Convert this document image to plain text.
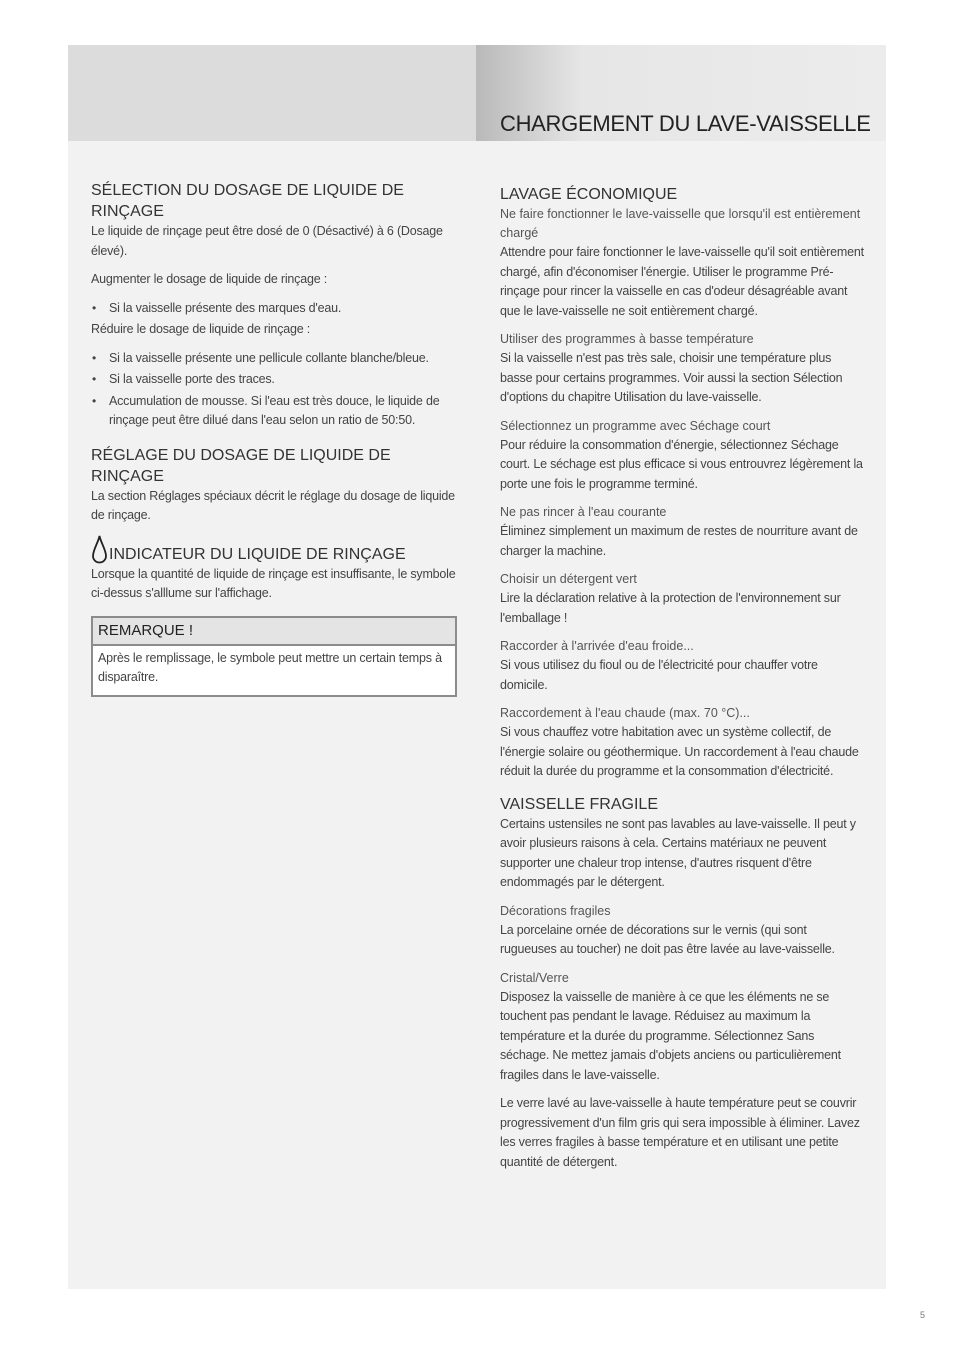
CHARGEMENT DU LAVE-VAISSELLE
SÉLECTION DU DOSAGE DE LIQUIDE DE RINÇAGE

Le liquide de rinçage peut être dosé de 0 (Désactivé) à 6 (Dosage élevé).

Augmenter le dosage de liquide de rinçage :

• Si la vaisselle présente des marques d'eau.

Réduire le dosage de liquide de rinçage :

• Si la vaisselle présente une pellicule collante blanche/bleue.
• Si la vaisselle porte des traces.
• Accumulation de mousse. Si l'eau est très douce, le liquide de rinçage peut être dilué dans l'eau selon un ratio de 50:50.
RÉGLAGE DU DOSAGE DE LIQUIDE DE RINÇAGE

La section Réglages spéciaux décrit le réglage du dosage de liquide de rinçage.

INDICATEUR DU LIQUIDE DE RINÇAGE

Lorsque la quantité de liquide de rinçage est insuffisante, le symbole ci-dessus s'alllume sur l'affichage.

REMARQUE !

Après le remplissage, le symbole peut mettre un certain temps à disparaître.

LAVAGE ÉCONOMIQUE
Ne faire fonctionner le lave-vaisselle que lorsqu'il est entièrement chargé

Attendre pour faire fonctionner le lave-vaisselle qu'il soit entièrement chargé, afin d'économiser l'énergie. Utiliser le programme Pré-rinçage pour rincer la vaisselle en cas d'odeur désagréable avant que le lave-vaisselle ne soit entièrement chargé.

Utiliser des programmes à basse température

Si la vaisselle n'est pas très sale, choisir une température plus basse pour certains programmes. Voir aussi la section Sélection d'options du chapitre Utilisation du lave-vaisselle.

Sélectionnez un programme avec Séchage court

Pour réduire la consommation d'énergie, sélectionnez Séchage court. Le séchage est plus efficace si vous entrouvrez légèrement la porte une fois le programme terminé.

Ne pas rincer à l'eau courante

Éliminez simplement un maximum de restes de nourriture avant de charger la machine.

Choisir un détergent vert

Lire la déclaration relative à la protection de l'environnement sur l'emballage !

Raccorder à l'arrivée d'eau froide...

Si vous utilisez du fioul ou de l'électricité pour chauffer votre domicile.

Raccordement à l'eau chaude (max. 70 °C)...

Si vous chauffez votre habitation avec un système collectif, de l'énergie solaire ou géothermique. Un raccordement à l'eau chaude réduit la durée du programme et la consommation d'électricité.

VAISSELLE FRAGILE

Certains ustensiles ne sont pas lavables au lave-vaisselle. Il peut y avoir plusieurs raisons à cela. Certains matériaux ne peuvent supporter une chaleur trop intense, d'autres risquent d'être endommagés par le détergent.

Décorations fragiles

La porcelaine ornée de décorations sur le vernis (qui sont rugueuses au toucher) ne doit pas être lavée au lave-vaisselle.

Cristal/Verre

Disposez la vaisselle de manière à ce que les éléments ne se touchent pas pendant le lavage. Réduisez au maximum la température et la durée du programme. Sélectionnez Sans séchage. Ne mettez jamais d'objets anciens ou particulièrement fragiles dans le lave-vaisselle.

Le verre lavé au lave-vaisselle à haute température peut se couvrir progressivement d'un film gris qui sera impossible à éliminer. Lavez les verres fragiles à basse température et en utilisant une petite quantité de détergent.

5
